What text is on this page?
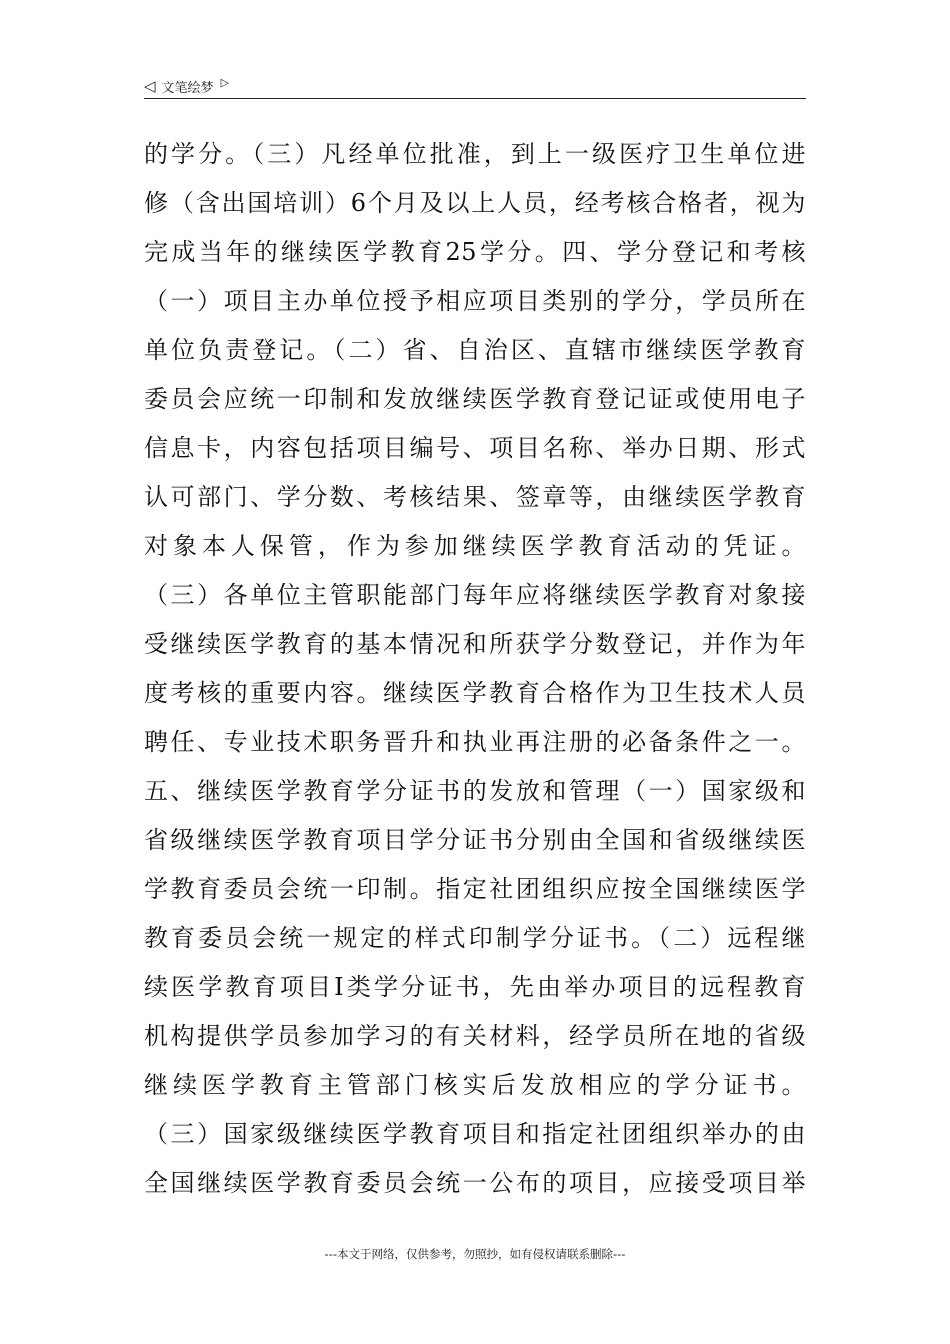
◁ 文笔绘梦 ▷
的学分。（三）凡经单位批准，到上一级医疗卫生单位进
修（含出国培训）6个月及以上人员，经考核合格者，视为
完成当年的继续医学教育25学分。四、学分登记和考核
（一）项目主办单位授予相应项目类别的学分，学员所在
单位负责登记。（二）省、自治区、直辖市继续医学教育
委员会应统一印制和发放继续医学教育登记证或使用电子
信息卡，内容包括项目编号、项目名称、举办日期、形式
认可部门、学分数、考核结果、签章等，由继续医学教育
对象本人保管，作为参加继续医学教育活动的凭证。
（三）各单位主管职能部门每年应将继续医学教育对象接
受继续医学教育的基本情况和所获学分数登记，并作为年
度考核的重要内容。继续医学教育合格作为卫生技术人员
聘任、专业技术职务晋升和执业再注册的必备条件之一。
五、继续医学教育学分证书的发放和管理（一）国家级和
省级继续医学教育项目学分证书分别由全国和省级继续医
学教育委员会统一印制。指定社团组织应按全国继续医学
教育委员会统一规定的样式印制学分证书。（二）远程继
续医学教育项目Ⅰ类学分证书，先由举办项目的远程教育
机构提供学员参加学习的有关材料，经学员所在地的省级
继续医学教育主管部门核实后发放相应的学分证书。
（三）国家级继续医学教育项目和指定社团组织举办的由
全国继续医学教育委员会统一公布的项目，应接受项目举
---本文于网络，仅供参考，勿照抄，如有侵权请联系删除---
